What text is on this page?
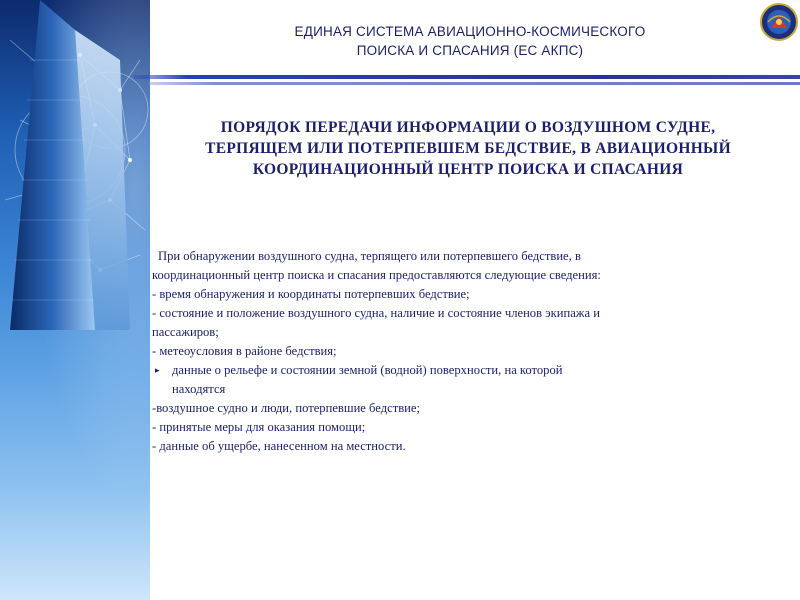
ЕДИНАЯ СИСТЕМА АВИАЦИОННО-КОСМИЧЕСКОГО
ПОИСКА И СПАСАНИЯ (ЕС АКПС)
ПОРЯДОК ПЕРЕДАЧИ ИНФОРМАЦИИ О ВОЗДУШНОМ СУДНЕ,
ТЕРПЯЩЕМ ИЛИ ПОТЕРПЕВШЕМ БЕДСТВИЕ, В АВИАЦИОННЫЙ
КООРДИНАЦИОННЫЙ ЦЕНТР ПОИСКА И СПАСАНИЯ
При обнаружении воздушного судна, терпящего или потерпевшего бедствие, в
координационный центр поиска и спасания предоставляются следующие сведения:
- время обнаружения и координаты потерпевших бедствие;
- состояние и положение воздушного судна, наличие и состояние членов экипажа и
пассажиров;
- метеоусловия в районе бедствия;
▸ данные о рельефе и состоянии земной (водной) поверхности, на которой
находятся
-воздушное судно и люди, потерпевшие бедствие;
- принятые меры для оказания помощи;
- данные об ущербе, нанесенном на местности.
